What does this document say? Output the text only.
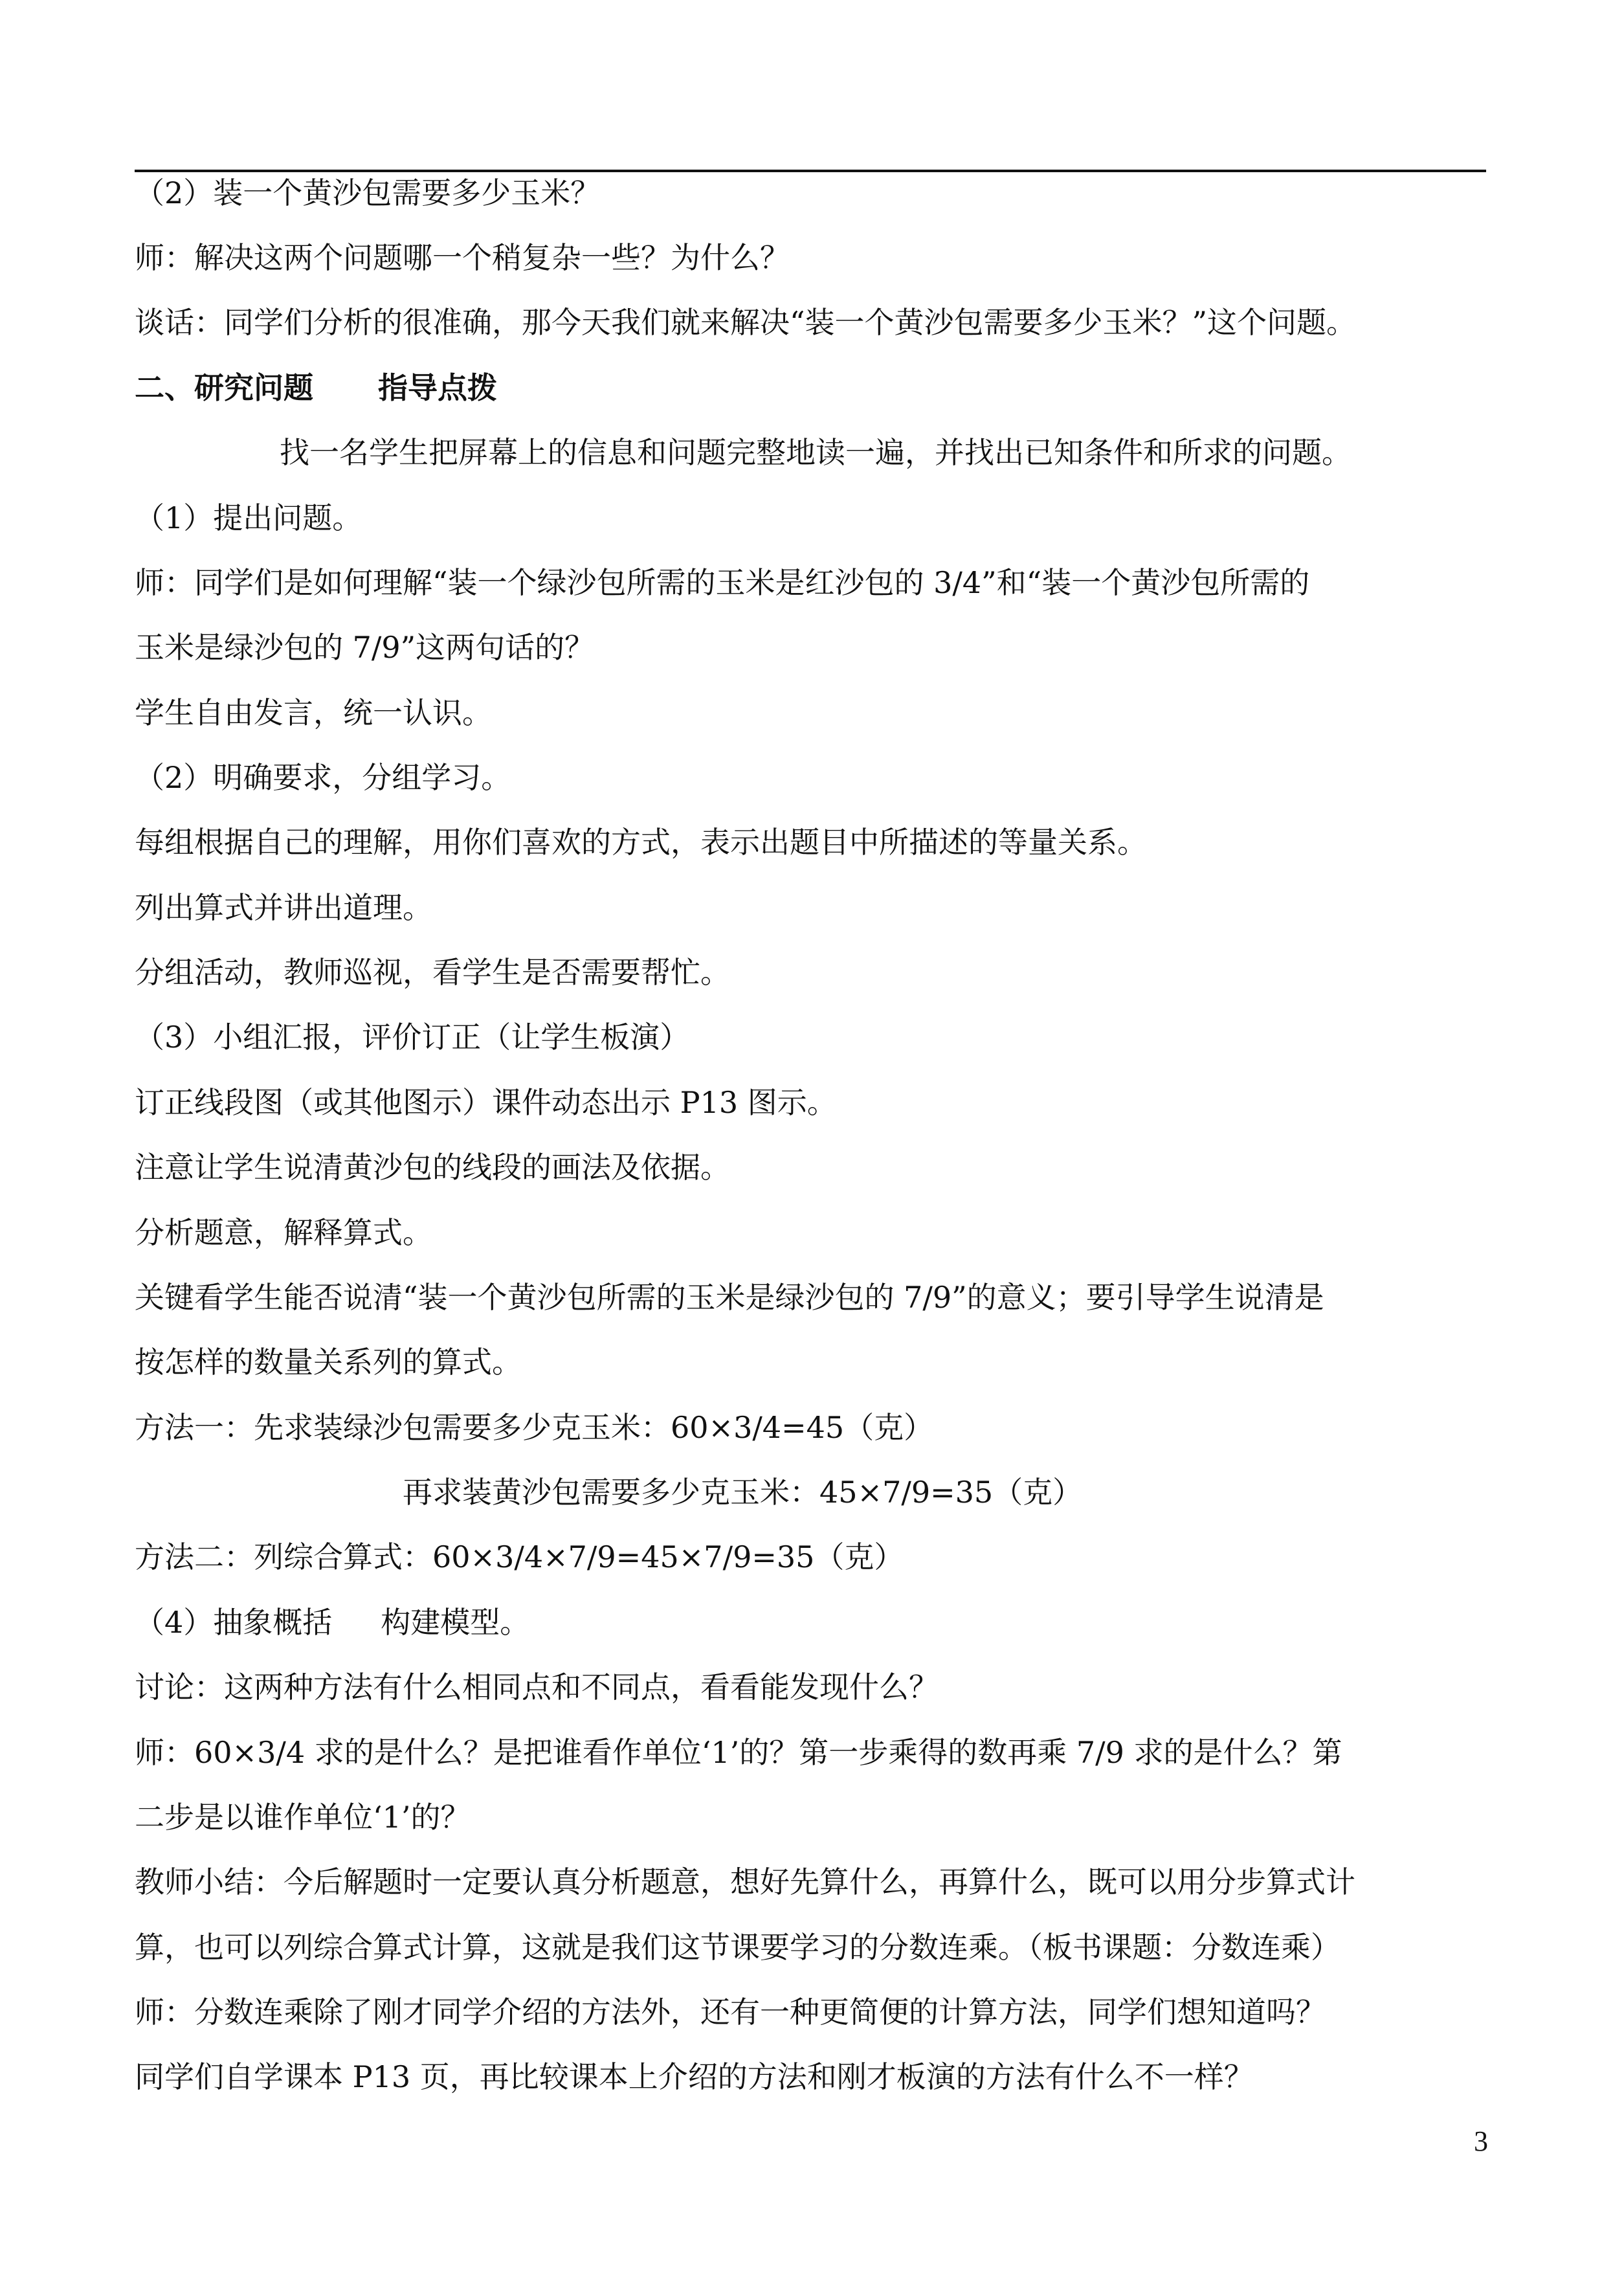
（2）装一个黄沙包需要多少玉米？
师：解决这两个问题哪一个稍复杂一些？为什么？
谈话：同学们分析的很准确，那今天我们就来解决“装一个黄沙包需要多少玉米？”这个问题。
二、研究问题 指导点拨
找一名学生把屏幕上的信息和问题完整地读一遍，并找出已知条件和所求的问题。
（1）提出问题。
师：同学们是如何理解“装一个绿沙包所需的玉米是红沙包的 3/4”和“装一个黄沙包所需的
玉米是绿沙包的 7/9”这两句话的？
学生自由发言，统一认识。
（2）明确要求，分组学习。
每组根据自己的理解，用你们喜欢的方式，表示出题目中所描述的等量关系。
列出算式并讲出道理。
分组活动，教师巡视，看学生是否需要帮忙。
（3）小组汇报，评价订正（让学生板演）
订正线段图（或其他图示）课件动态出示 P13 图示。
注意让学生说清黄沙包的线段的画法及依据。
分析题意，解释算式。
关键看学生能否说清“装一个黄沙包所需的玉米是绿沙包的 7/9”的意义；要引导学生说清是
按怎样的数量关系列的算式。
方法一：先求装绿沙包需要多少克玉米：60×3/4=45（克）
再求装黄沙包需要多少克玉米：45×7/9=35（克）
方法二：列综合算式：60×3/4×7/9=45×7/9=35（克）
（4）抽象概括 构建模型。
讨论：这两种方法有什么相同点和不同点，看看能发现什么？
师：60×3/4 求的是什么？是把谁看作单位‘1’的？第一步乘得的数再乘 7/9 求的是什么？第
二步是以谁作单位‘1’的？
教师小结：今后解题时一定要认真分析题意，想好先算什么，再算什么，既可以用分步算式计
算，也可以列综合算式计算，这就是我们这节课要学习的分数连乘。（板书课题：分数连乘）
师：分数连乘除了刚才同学介绍的方法外，还有一种更简便的计算方法，同学们想知道吗？
同学们自学课本 P13 页，再比较课本上介绍的方法和刚才板演的方法有什么不一样？
3
